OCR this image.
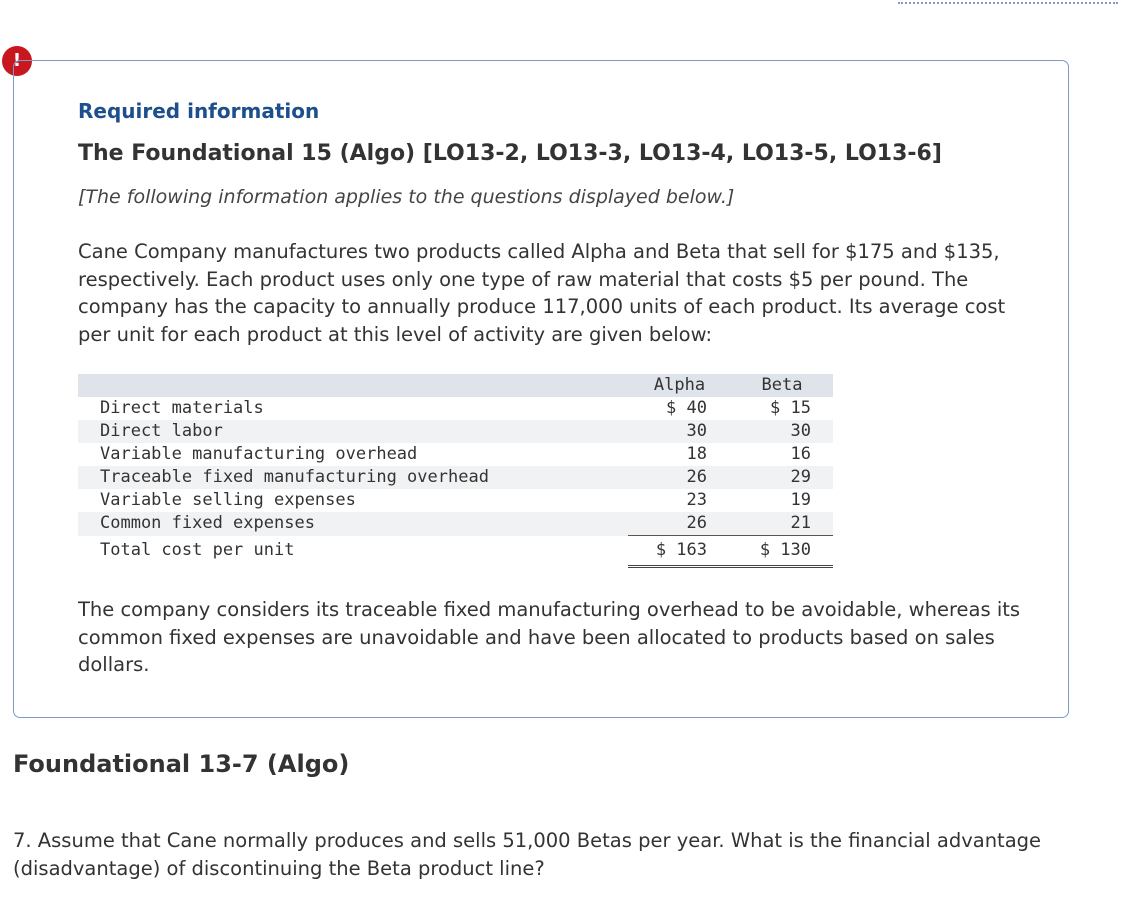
!
Required information
The Foundational 15 (Algo) [LO13-2, LO13-3, LO13-4, LO13-5, LO13-6]

[The following information applies to the questions displayed below.]

Cane Company manufactures two products called Alpha and Beta that sell for $175 and $135, respectively. Each product uses only one type of raw material that costs $5 per pound. The company has the capacity to annually produce 117,000 units of each product. Its average cost per unit for each product at this level of activity are given below:

	Alpha	Beta
Direct materials	$ 40	$ 15
Direct labor	30	30
Variable manufacturing overhead	18	16
Traceable fixed manufacturing overhead	26	29
Variable selling expenses	23	19
Common fixed expenses	26	21
Total cost per unit	$ 163	$ 130

The company considers its traceable fixed manufacturing overhead to be avoidable, whereas its common fixed expenses are unavoidable and have been allocated to products based on sales dollars.

Foundational 13-7 (Algo)

7. Assume that Cane normally produces and sells 51,000 Betas per year. What is the financial advantage (disadvantage) of discontinuing the Beta product line?
